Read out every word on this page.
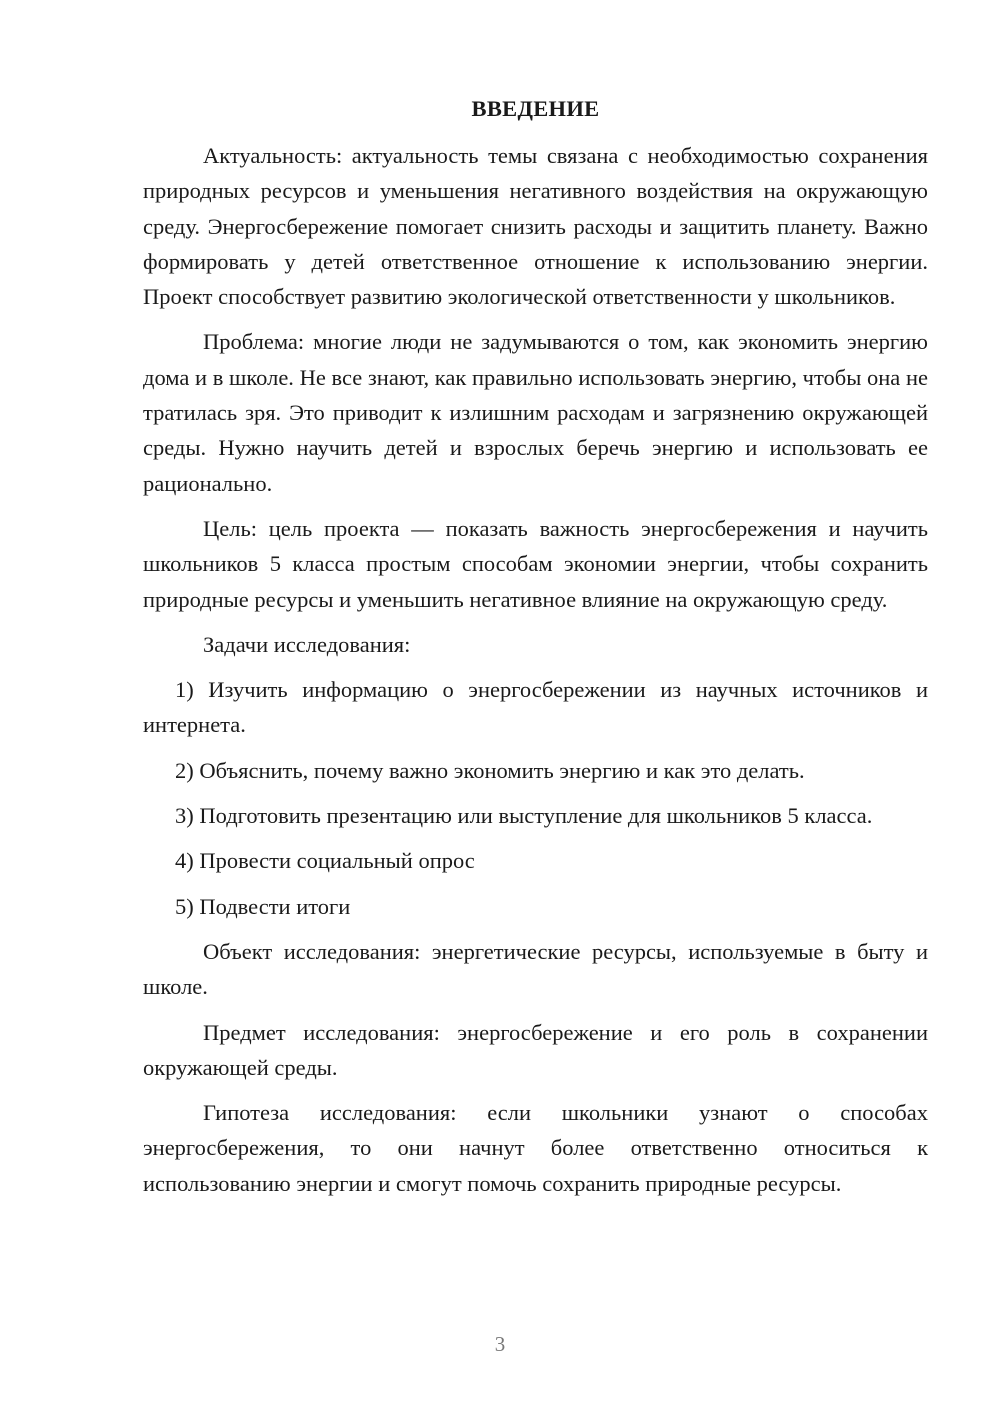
ВВЕДЕНИЕ

Актуальность: актуальность темы связана с необходимостью сохранения природных ресурсов и уменьшения негативного воздействия на окружающую среду. Энергосбережение помогает снизить расходы и защитить планету. Важно формировать у детей ответственное отношение к использованию энергии. Проект способствует развитию экологической ответственности у школьников.

Проблема: многие люди не задумываются о том, как экономить энергию дома и в школе. Не все знают, как правильно использовать энергию, чтобы она не тратилась зря. Это приводит к излишним расходам и загрязнению окружающей среды. Нужно научить детей и взрослых беречь энергию и использовать ее рационально.

Цель: цель проекта — показать важность энергосбережения и научить школьников 5 класса простым способам экономии энергии, чтобы сохранить природные ресурсы и уменьшить негативное влияние на окружающую среду.

Задачи исследования:

1) Изучить информацию о энергосбережении из научных источников и интернета.

2) Объяснить, почему важно экономить энергию и как это делать.

3) Подготовить презентацию или выступление для школьников 5 класса.

4) Провести социальный опрос

5) Подвести итоги

Объект исследования: энергетические ресурсы, используемые в быту и школе.

Предмет исследования: энергосбережение и его роль в сохранении окружающей среды.

Гипотеза исследования: если школьники узнают о способах энергосбережения, то они начнут более ответственно относиться к использованию энергии и смогут помочь сохранить природные ресурсы.

3
